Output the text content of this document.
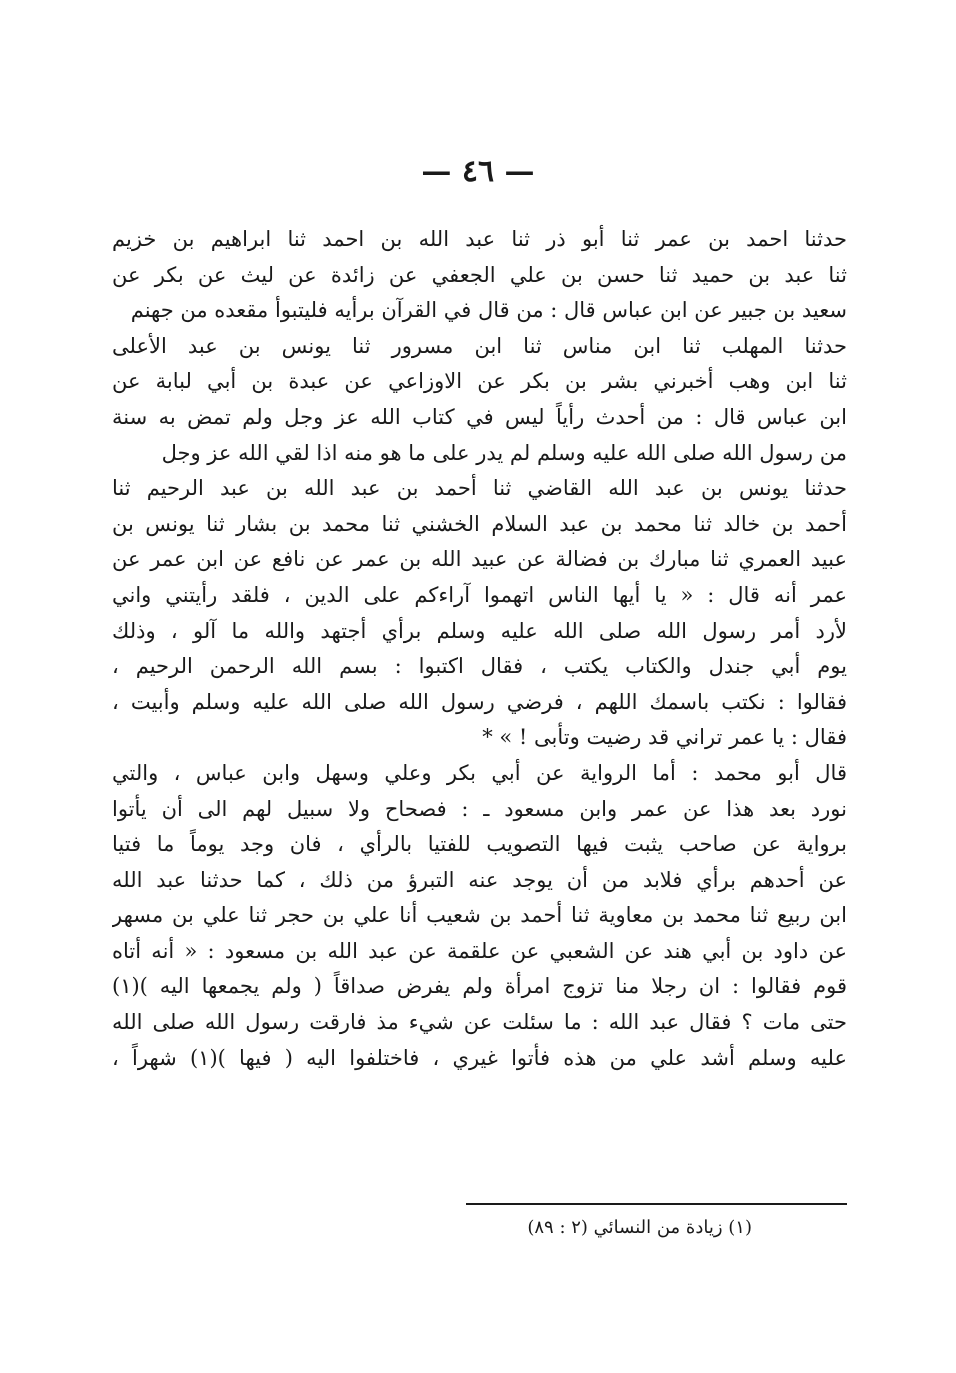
— ٤٦ —
حدثنا احمد بن عمر ثنا أبو ذر ثنا عبد الله بن احمد ثنا ابراهيم بن خزيم
ثنا عبد بن حميد ثنا حسن بن علي الجعفي عن زائدة عن ليث عن بكر عن
سعيد بن جبير عن ابن عباس قال : من قال في القرآن برأيه فليتبوأ مقعده من جهنم
حدثنا المهلب ثنا ابن مناس ثنا ابن مسرور ثنا يونس بن عبد الأعلى
ثنا ابن وهب أخبرني بشر بن بكر عن الاوزاعي عن عبدة بن أبي لبابة عن
ابن عباس قال : من أحدث رأياً ليس في كتاب الله عز وجل ولم تمض به سنة
من رسول الله صلى الله عليه وسلم لم يدر على ما هو منه اذا لقي الله عز وجل
حدثنا يونس بن عبد الله القاضي ثنا أحمد بن عبد الله بن عبد الرحيم ثنا
أحمد بن خالد ثنا محمد بن عبد السلام الخشني ثنا محمد بن بشار ثنا يونس بن
عبيد العمري ثنا مبارك بن فضالة عن عبيد الله بن عمر عن نافع عن ابن عمر عن
عمر أنه قال : « يا أيها الناس اتهموا آراءكم على الدين ، فلقد رأيتني واني
لأرد أمر رسول الله صلى الله عليه وسلم برأي أجتهد والله ما آلو ، وذلك
يوم أبي جندل والكتاب يكتب ، فقال اكتبوا : بسم الله الرحمن الرحيم ،
فقالوا : نكتب باسمك اللهم ، فرضي رسول الله صلى الله عليه وسلم وأبيت ،
فقال : يا عمر تراني قد رضيت وتأبى ! » *
قال أبو محمد : أما الرواية عن أبي بكر وعلي وسهل وابن عباس ، والتي
نورد بعد هذا عن عمر وابن مسعود ـ : فصحاح ولا سبيل لهم الى أن يأتوا
برواية عن صاحب يثبت فيها التصويب للفتيا بالرأي ، فان وجد يوماً ما فتيا
عن أحدهم برأي فلابد من أن يوجد عنه التبرؤ من ذلك ، كما حدثنا عبد الله
ابن ربيع ثنا محمد بن معاوية ثنا أحمد بن شعيب أنا علي بن حجر ثنا علي بن مسهر
عن داود بن أبي هند عن الشعبي عن علقمة عن عبد الله بن مسعود : « أنه أتاه
قوم فقالوا : ان رجلا منا تزوج امرأة ولم يفرض صداقاً ( ولم يجمعها اليه )(١)
حتى مات ؟ فقال عبد الله : ما سئلت عن شيء مذ فارقت رسول الله صلى الله
عليه وسلم أشد علي من هذه فأتوا غيري ، فاختلفوا اليه ( فيها )(١) شهراً ،
(١) زيادة من النسائي (٢ : ٨٩)
